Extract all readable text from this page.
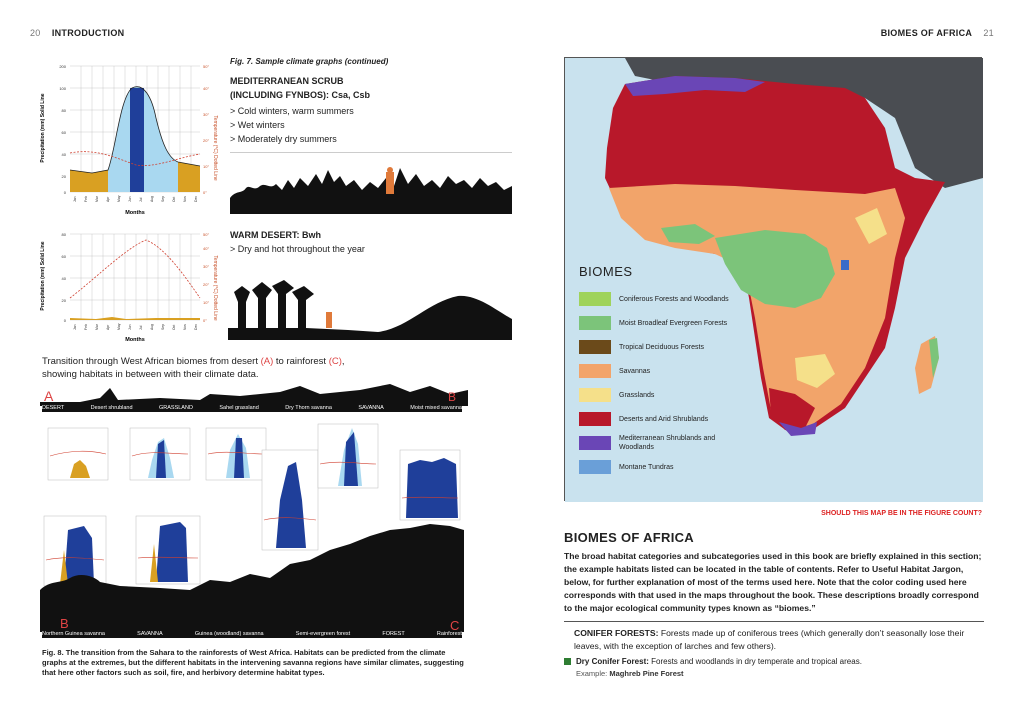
20 INTRODUCTION
Precipitation (mm) Solid Line	Temperature (°C) Dotted Line
0
20
40
60
80
100
200
0°
10°
20°
30°
40°
50°
Jan Feb Mar Apr May Jun Jul Aug Sep Oct Nov Dec
Months
Precipitation (mm) Solid Line	Temperature (°C) Dotted Line
0
20
40
60
80
0°
10°
20°
30°
40°
50°
Jan Feb Mar Apr May Jun Jul Aug Sep Oct Nov Dec
Months
Fig. 7. Sample climate graphs (continued)
MEDITERRANEAN SCRUB
(INCLUDING FYNBOS): Csa, Csb
> Cold winters, warm summers
> Wet winters
> Moderately dry summers
WARM DESERT: Bwh
> Dry and hot throughout the year
Transition through West African biomes from desert (A) to rainforest (C),
showing habitats in between with their climate data.
DESERT	Desert shrubland	GRASSLAND	Sahel grassland	Dry Thorn savanna	SAVANNA	Moist mixed savanna
A	B
Northern Guinea savanna	SAVANNA	Guinea (woodland) savanna	Semi-evergreen forest	FOREST	Rainforest
B	C
Fig. 8. The transition from the Sahara to the rainforests of West Africa. Habitats can be predicted from the climate graphs at the extremes, but the different habitats in the intervening savanna regions have similar climates, suggesting that here other factors such as soil, fire, and herbivory determine habitat types.
BIOMES OF AFRICA 21
BIOMES
Coniferous Forests and Woodlands
Moist Broadleaf Evergreen Forests
Tropical Deciduous Forests
Savannas
Grasslands
Deserts and Arid Shrublands
Mediterranean Shrublands and Woodlands
Montane Tundras
SHOULD THIS MAP BE IN THE FIGURE COUNT?
BIOMES OF AFRICA
The broad habitat categories and subcategories used in this book are briefly explained in this section; the example habitats listed can be located in the table of contents. Refer to Useful Habitat Jargon, below, for further explanation of most of the terms used here. Note that the color coding used here corresponds with that used in the maps throughout the book. These descriptions broadly correspond to the major ecological community types known as “biomes.”
CONIFER FORESTS: Forests made up of coniferous trees (which generally don’t seasonally lose their leaves, with the exception of larches and few others).
Dry Conifer Forest: Forests and woodlands in dry temperate and tropical areas.
Example: Maghreb Pine Forest
